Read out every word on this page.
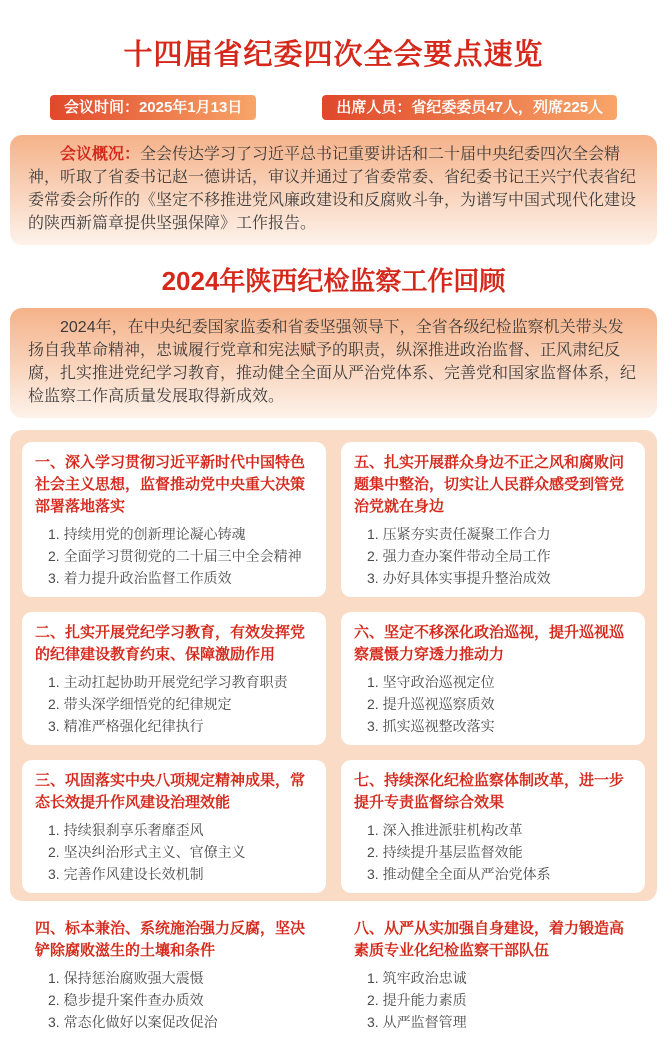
十四届省纪委四次全会要点速览
会议时间：2025年1月13日	出席人员：省纪委委员47人，列席225人

会议概况：全会传达学习了习近平总书记重要讲话和二十届中央纪委四次全会精神，听取了省委书记赵一德讲话，审议并通过了省委常委、省纪委书记王兴宁代表省纪委常委会所作的《坚定不移推进党风廉政建设和反腐败斗争，为谱写中国式现代化建设的陕西新篇章提供坚强保障》工作报告。

2024年陕西纪检监察工作回顾

2024年，在中央纪委国家监委和省委坚强领导下，全省各级纪检监察机关带头发扬自我革命精神，忠诚履行党章和宪法赋予的职责，纵深推进政治监督、正风肃纪反腐，扎实推进党纪学习教育，推动健全全面从严治党体系、完善党和国家监督体系，纪检监察工作高质量发展取得新成效。

一、深入学习贯彻习近平新时代中国特色社会主义思想，监督推动党中央重大决策部署落地落实
1. 持续用党的创新理论凝心铸魂
2. 全面学习贯彻党的二十届三中全会精神
3. 着力提升政治监督工作质效
二、扎实开展党纪学习教育，有效发挥党的纪律建设教育约束、保障激励作用
1. 主动扛起协助开展党纪学习教育职责
2. 带头深学细悟党的纪律规定
3. 精准严格强化纪律执行
三、巩固落实中央八项规定精神成果，常态长效提升作风建设治理效能
1. 持续狠刹享乐奢靡歪风
2. 坚决纠治形式主义、官僚主义
3. 完善作风建设长效机制
四、标本兼治、系统施治强力反腐，坚决铲除腐败滋生的土壤和条件
1. 保持惩治腐败强大震慑
2. 稳步提升案件查办质效
3. 常态化做好以案促改促治
五、扎实开展群众身边不正之风和腐败问题集中整治，切实让人民群众感受到管党治党就在身边
1. 压紧夯实责任凝聚工作合力
2. 强力查办案件带动全局工作
3. 办好具体实事提升整治成效
六、坚定不移深化政治巡视，提升巡视巡察震慑力穿透力推动力
1. 坚守政治巡视定位
2. 提升巡视巡察质效
3. 抓实巡视整改落实
七、持续深化纪检监察体制改革，进一步提升专责监督综合效果
1. 深入推进派驻机构改革
2. 持续提升基层监督效能
3. 推动健全全面从严治党体系
八、从严从实加强自身建设，着力锻造高素质专业化纪检监察干部队伍
1. 筑牢政治忠诚
2. 提升能力素质
3. 从严监督管理
